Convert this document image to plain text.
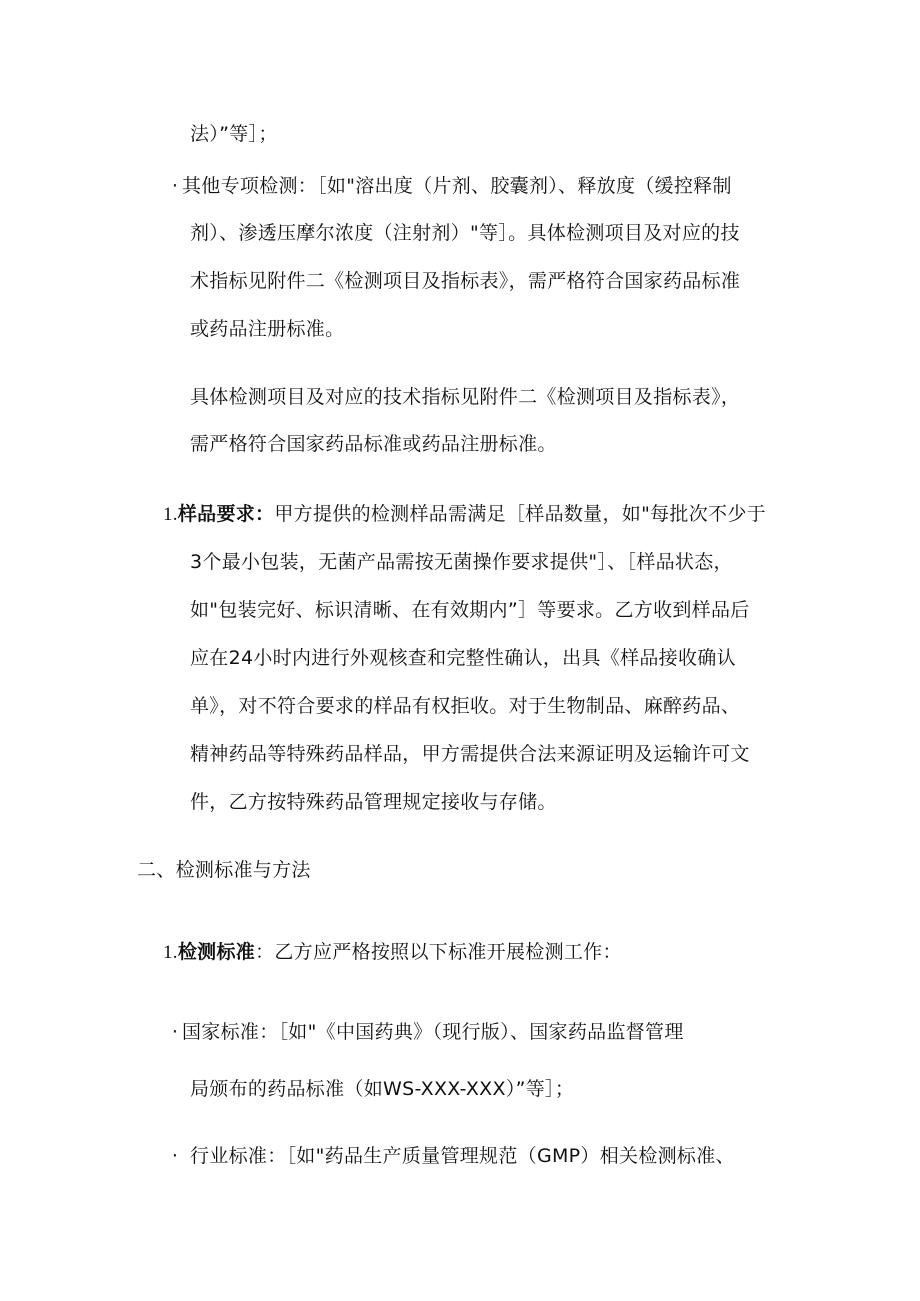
法）”等］；
· 其他专项检测：［如"溶出度（片剂、胶囊剂）、释放度（缓控释制
剂）、渗透压摩尔浓度（注射剂）"等］。具体检测项目及对应的技
术指标见附件二《检测项目及指标表》，需严格符合国家药品标准
或药品注册标准。
具体检测项目及对应的技术指标见附件二《检测项目及指标表》，
需严格符合国家药品标准或药品注册标准。
1.样品要求：甲方提供的检测样品需满足［样品数量，如"每批次不少于
3个最小包装，无菌产品需按无菌操作要求提供"］、［样品状态，
如"包装完好、标识清晰、在有效期内”］等要求。乙方收到样品后
应在24小时内进行外观核查和完整性确认，出具《样品接收确认
单》，对不符合要求的样品有权拒收。对于生物制品、麻醉药品、
精神药品等特殊药品样品，甲方需提供合法来源证明及运输许可文
件，乙方按特殊药品管理规定接收与存储。
二、检测标准与方法
1.检测标准：乙方应严格按照以下标准开展检测工作：
· 国家标准：［如"《中国药典》（现行版）、国家药品监督管理
局颁布的药品标准（如WS-XXX-XXX）”等］；
· 行业标准：［如"药品生产质量管理规范（GMP）相关检测标准、
